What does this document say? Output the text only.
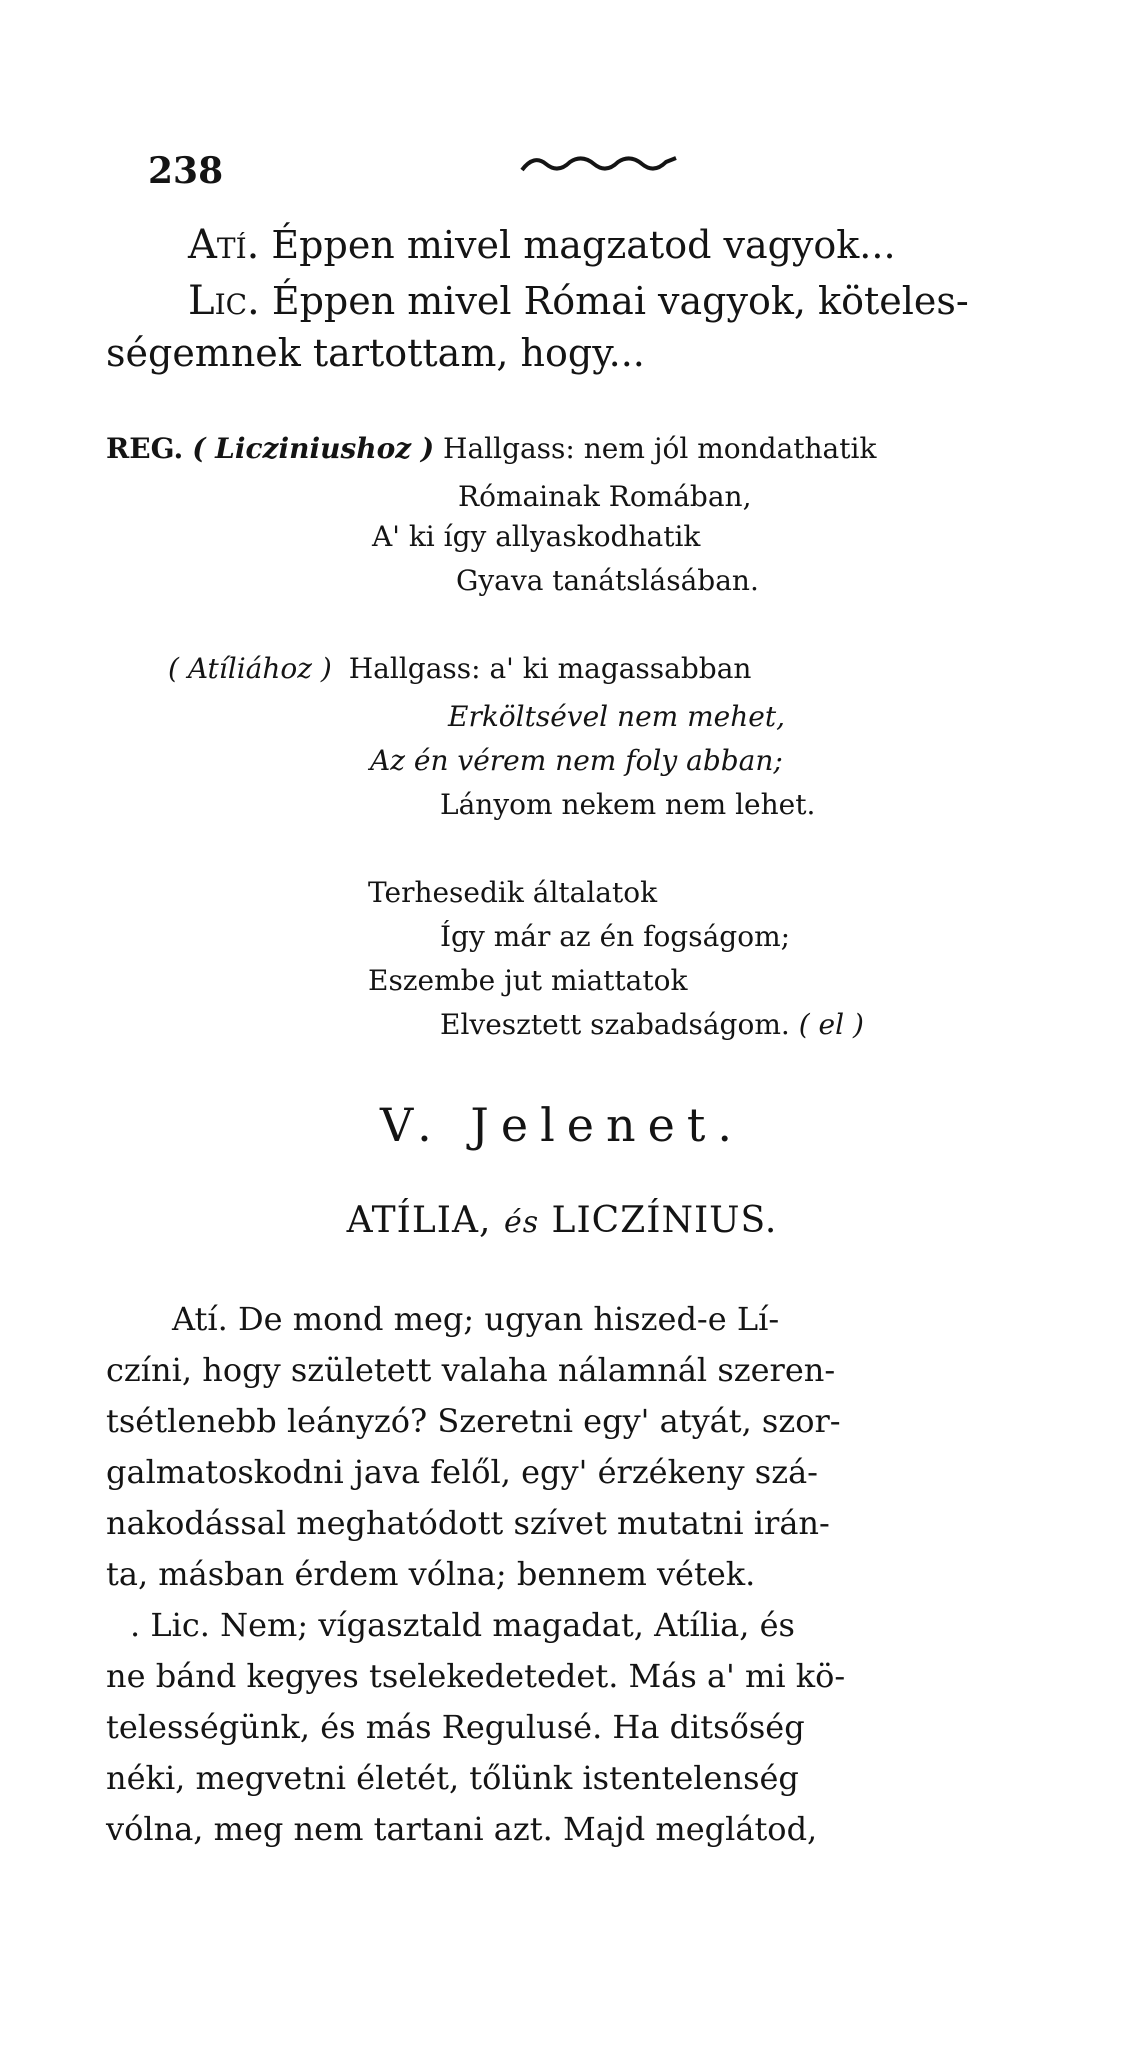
238
Atí. Éppen mivel magzatod vagyok...
Lic. Éppen mivel Római vagyok, köteles-
ségemnek tartottam, hogy...
REG. ( Licziniushoz ) Hallgass: nem jól mondathatik
Rómainak Romában,
A' ki így allyaskodhatik
Gyava tanátslásában.
( Atíliához ) Hallgass: a' ki magassabban
Erköltsével nem mehet,
Az én vérem nem foly abban;
Lányom nekem nem lehet.
Terhesedik általatok
Így már az én fogságom;
Eszembe jut miattatok
Elvesztett szabadságom. ( el )
V. Jelenet.
ATÍLIA, és LICZÍNIUS.
Atí. De mond meg; ugyan hiszed-e Lí-
czíni, hogy született valaha nálamnál szeren-
tsétlenebb leányzó? Szeretni egy' atyát, szor-
galmatoskodni java felől, egy' érzékeny szá-
nakodással meghatódott szívet mutatni irán-
ta, másban érdem vólna; bennem vétek.
. Lic. Nem; vígasztald magadat, Atília, és
ne bánd kegyes tselekedetedet. Más a' mi kö-
telességünk, és más Regulusé. Ha ditsőség
néki, megvetni életét, tőlünk istentelenség
vólna, meg nem tartani azt. Majd meglátod,
